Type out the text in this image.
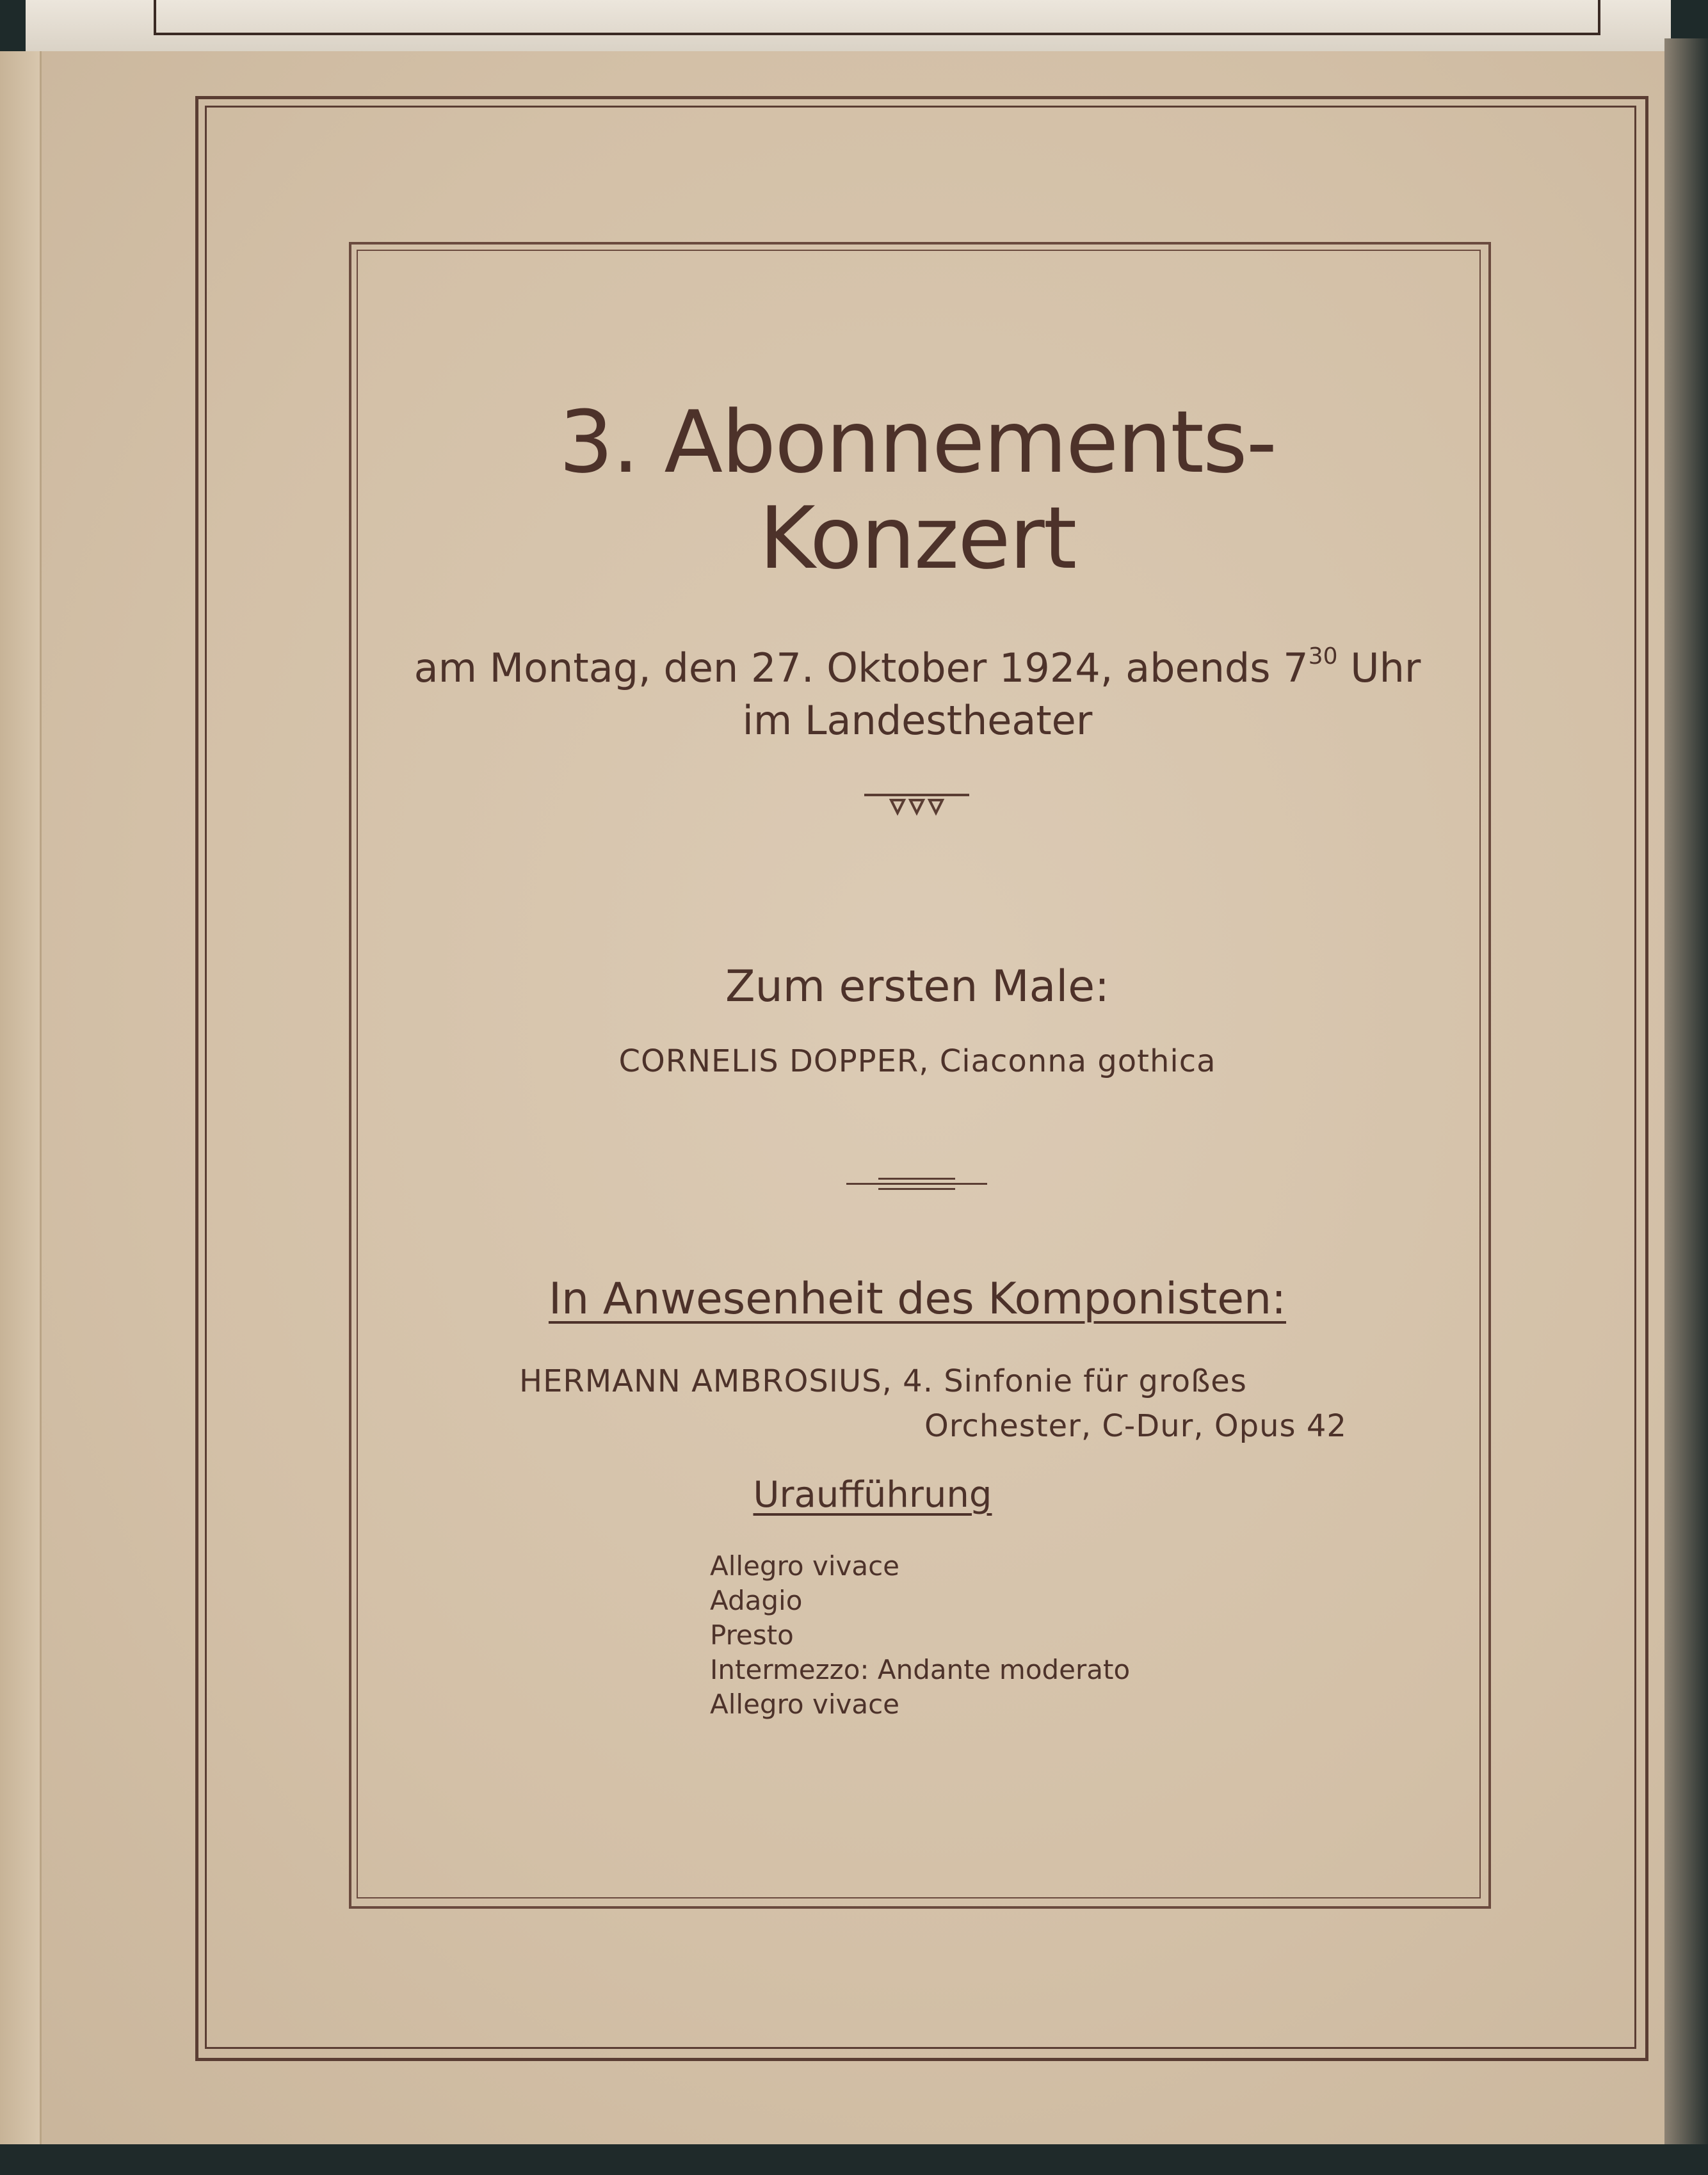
3. Abonnements-
Konzert
am Montag, den 27. Oktober 1924, abends $7^{30}$ Uhr
im Landestheater
Zum ersten Male:
CORNELIS DOPPER, Ciaconna gothica
In Anwesenheit des Komponisten:
HERMANN AMBROSIUS, 4. Sinfonie für großes
Orchester, C-Dur, Opus 42
Uraufführung
Allegro vivace
Adagio
Presto
Intermezzo: Andante moderato
Allegro vivace
